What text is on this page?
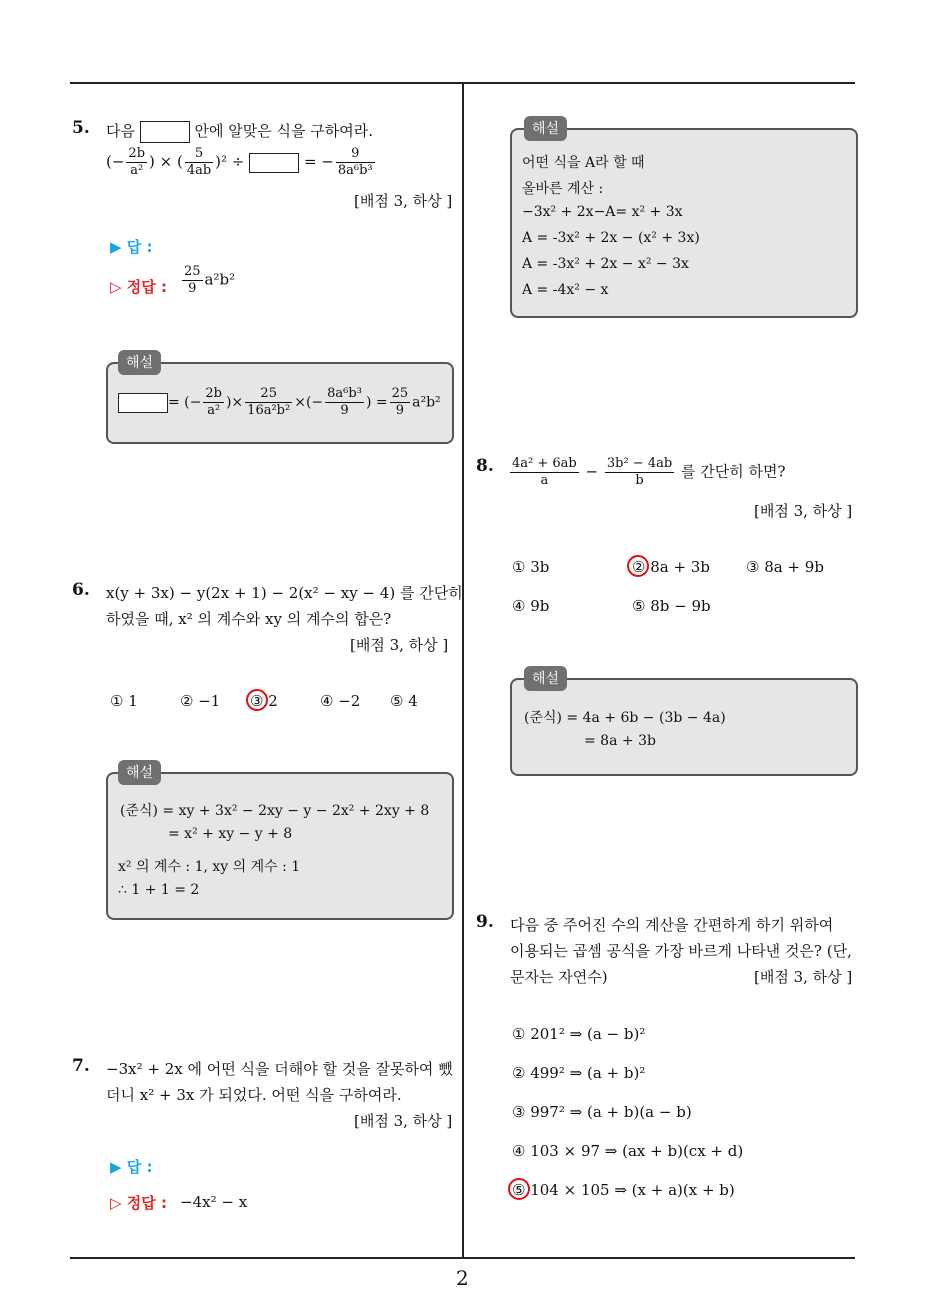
2
5. 다음	안에 알맞은 식을 구하여라.
(− $\frac{2b}{\text{a²}}$ ) × ( $\frac{5}{4ab} )^2$ ÷	= − $\frac{9}{\text{8a⁶b³}}$
[배점 3, 하상 ]
▶ 답 :
▷ 정답 : $\frac{25}{9} a^2b^2$
해설
= (− $\frac{2b}{\text{a²}}$ )× $\frac{25}{\text{16a²b²}}$ ×(− $\frac{\text{8a⁶b³}}{9}$ ) = $\frac{25}{9} a^2b^2$
6. x(y + 3x) − y(2x + 1) − 2(x² − xy − 4) 를 간단히
하였을 때, x² 의 계수와 xy 의 계수의 합은?
[배점 3, 하상 ]
① 1	② −1 ③ 2	④ −2 ⑤ 4
해설
(준식) = xy + 3x² − 2xy − y − 2x² + 2xy + 8
= x² + xy − y + 8
x² 의 계수 : 1, xy 의 계수 : 1
∴ 1 + 1 = 2
7. −3x² + 2x 에 어떤 식을 더해야 할 것을 잘못하여 뺐
더니 x² + 3x 가 되었다. 어떤 식을 구하여라.
[배점 3, 하상 ]
▶ 답 :
▷ 정답 : −4x² − x
해설
어떤 식을 A라 할 때
올바른 계산 :
−3x² + 2x−A= x² + 3x
A = -3x² + 2x − (x² + 3x)
A = -3x² + 2x − x² − 3x
A = -4x² − x
8. $\frac{\text{4a² + 6ab}}{a} - \frac{\text{3b² − 4ab}}{b}$ 를 간단히 하면?
[배점 3, 하상 ]
① 3b	② 8a + 3b ③ 8a + 9b
④ 9b	⑤ 8b − 9b
해설
(준식) = 4a + 6b − (3b − 4a)
= 8a + 3b
9. 다음 중 주어진 수의 계산을 간편하게 하기 위하여
이용되는 곱셈 공식을 가장 바르게 나타낸 것은? (단,
문자는 자연수)	[배점 3, 하상 ]
① 201² ⇒ (a − b)²
② 499² ⇒ (a + b)²
③ 997² ⇒ (a + b)(a − b)
④ 103 × 97 ⇒ (ax + b)(cx + d)
⑤ 104 × 105 ⇒ (x + a)(x + b)
